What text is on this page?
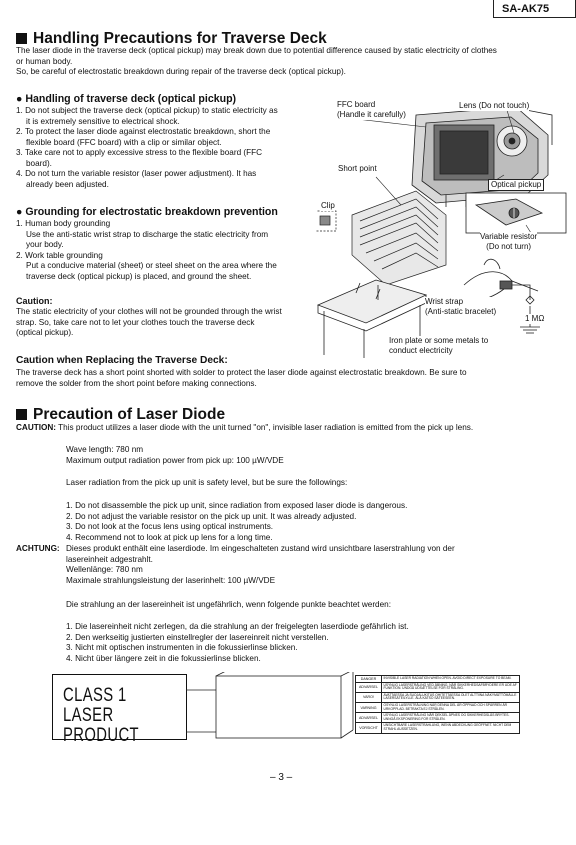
SA-AK75
Handling Precautions for Traverse Deck
The laser diode in the traverse deck (optical pickup) may break down due to potential difference caused by static electricity of clothes
or human body.
So, be careful of electrostatic breakdown during repair of the traverse deck (optical pickup).
● Handling of traverse deck (optical pickup)
1. Do not subject the traverse deck (optical pickup) to static electricity as
it is extremely sensitive to electrical shock.
2. To protect the laser diode against electrostatic breakdown, short the
flexible board (FFC board) with a clip or similar object.
3. Take care not to apply excessive stress to the flexible board (FFC
board).
4. Do not turn the variable resistor (laser power adjustment). It has
already been adjusted.
● Grounding for electrostatic breakdown prevention
1. Human body grounding
Use the anti-static wrist strap to discharge the static electricity from
your body.
2. Work table grounding
Put a conducive material (sheet) or steel sheet on the area where the
traverse deck (optical pickup) is placed, and ground the sheet.
Caution:
The static electricity of your clothes will not be grounded through the wrist
strap. So, take care not to let your clothes touch the traverse deck
(optical pickup).
Caution when Replacing the Traverse Deck:
The traverse deck has a short point shorted with solder to protect the laser diode against electrostatic breakdown. Be sure to
remove the solder from the short point before making connections.
FFC board
(Handle it carefully)
Lens (Do not touch)
Short point
Optical pickup
Clip
Variable resistor
(Do not turn)
Wrist strap
(Anti-static bracelet)
1 MΩ
Iron plate or some metals to
conduct electricity
Precaution of Laser Diode
CAUTION: This product utilizes a laser diode with the unit turned "on", invisible laser radiation is emitted from the pick up lens.
Wave length: 780 nm
Maximum output radiation power from pick up: 100 µW/VDE
Laser radiation from the pick up unit is safety level, but be sure the followings:
1. Do not disassemble the pick up unit, since radiation from exposed laser diode is dangerous.
2. Do not adjust the variable resistor on the pick up unit. It was already adjusted.
3. Do not look at the focus lens using optical instruments.
4. Recommend not to look at pick up lens for a long time.
ACHTUNG: Dieses produkt enthält eine laserdiode. Im eingeschalteten zustand wird unsichtbare laserstrahlung von der
lasereinheit adgestrahlt.
Wellenlänge: 780 nm
Maximale strahlungsleistung der laserinhelt: 100 µW/VDE
Die strahlung an der lasereinheit ist ungefährlich, wenn folgende punkte beachtet werden:
1. Die lasereinheit nicht zerlegen, da die strahlung an der freigelegten laserdiode gefährlich ist.
2. Den werkseitig justierten einstellregler der lasereinreit nicht verstellen.
3. Nicht mit optischen instrumenten in die fokussierlinse blicken.
4. Nicht über längere zeit in die fokussierlinse blicken.
CLASS 1
LASER PRODUCT
DANGER	INVISIBLE LASER RADIATION WHEN OPEN. AVOID DIRECT EXPOSURE TO BEAM.
ADVARSEL	USYNLIG LASERSTRÅLING VED ÅBNING, NÅR SIKKERHEDSAFBRYDERE ER UDE AF FUNKTION. UNDGÅ UDSÆTTELSE FOR STRÅLING.
VARO!	AVATTAESSA JA SUOJALUKITUS OHITETTAESSA OLET ALTTIINA NÄKYMÄTTÖMÄLLE LASERSÄTEILYLLE. ÄLÄ KATSO SÄTEESEEN.
VARNING	OSYNLIG LASERSTRÅLNING NÄR DENNA DEL ÄR ÖPPNAD OCH SPÄRREN ÄR URKOPPLAD. BETRAKTA EJ STRÅLEN.
ADVARSEL	USYNLIG LASERSTRÅLING NÅR DEKSEL ÅPNES OG SIKKERHEDSLÅS BRYTES. UNNGÅ EKSPONERING FOR STRÅLEN.
VORSICHT	UNSICHTBARE LASERSTRAHLUNG, WENN ABDECKUNG GEÖFFNET. NICHT DEM STRAHL AUSSETZEN.
– 3 –
